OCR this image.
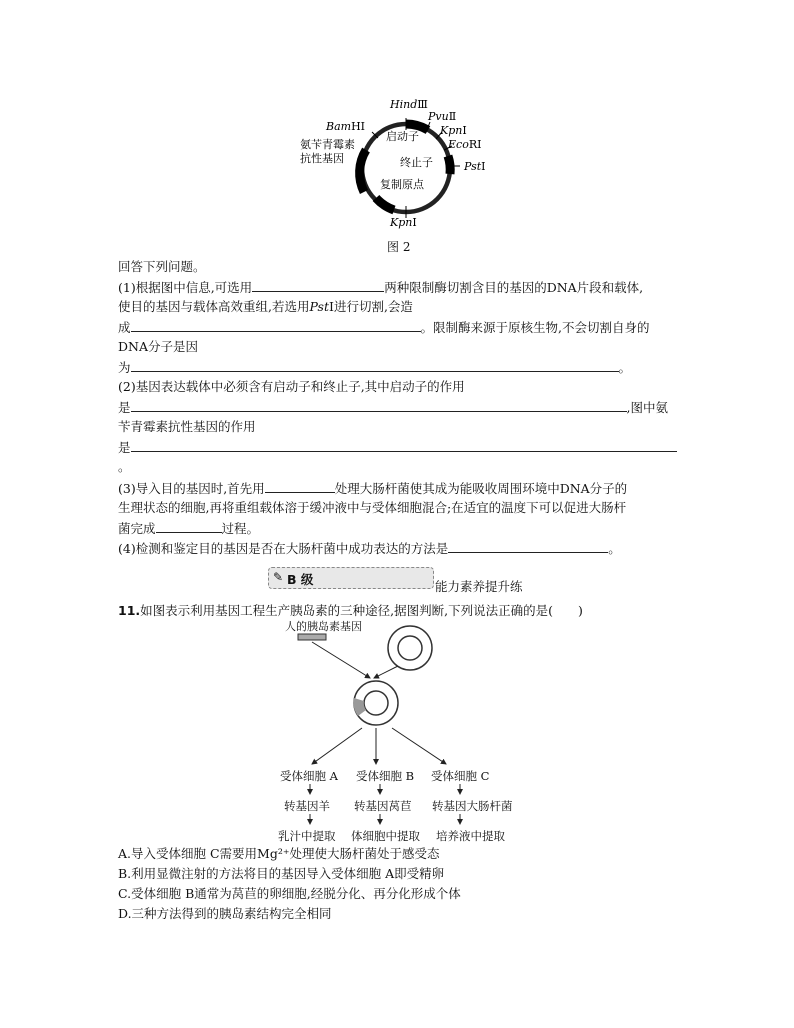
HindⅢ
PvuⅡ
KpnⅠ
EcoRⅠ
PstⅠ
BamHⅠ
KpnⅠ
启动子
终止子
复制原点
氨苄青霉素
抗性基因
图 2
回答下列问题。
(1)根据图中信息,可选用	两种限制酶切割含目的基因的DNA片段和载体,
使目的基因与载体高效重组,若选用PstⅠ进行切割,会造
成	。限制酶来源于原核生物,不会切割自身的
DNA分子是因
为	。
(2)基因表达载体中必须含有启动子和终止子,其中启动子的作用
是	,图中氨
苄青霉素抗性基因的作用
是
。
(3)导入目的基因时,首先用	处理大肠杆菌使其成为能吸收周围环境中DNA分子的
生理状态的细胞,再将重组载体溶于缓冲液中与受体细胞混合;在适宜的温度下可以促进大肠杆
菌完成	过程。
(4)检测和鉴定目的基因是否在大肠杆菌中成功表达的方法是	。
✎ B 级	能力素养提升练
11.如图表示利用基因工程生产胰岛素的三种途径,据图判断,下列说法正确的是(　　)
人的胰岛素基因
受体细胞 A 受体细胞 B 受体细胞 C
转基因羊 转基因莴苣 转基因大肠杆菌
乳汁中提取 体细胞中提取 培养液中提取
A.导入受体细胞 C需要用Mg²⁺处理使大肠杆菌处于感受态
B.利用显微注射的方法将目的基因导入受体细胞 A即受精卵
C.受体细胞 B通常为莴苣的卵细胞,经脱分化、再分化形成个体
D.三种方法得到的胰岛素结构完全相同
